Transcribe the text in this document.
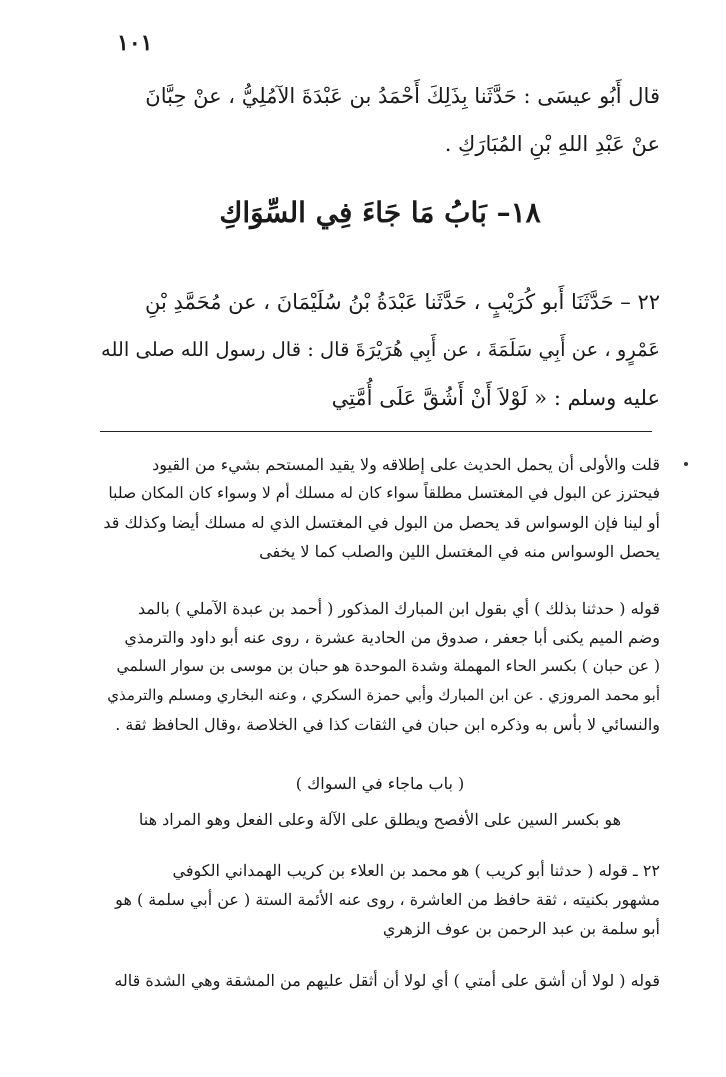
١٠١
قال أَبُو عيسَى : حَدَّثَنا بِذَلِكَ أَحْمَدُ بن عَبْدَةَ الآمُلِيُّ ، عنْ حِبَّانَ
عنْ عَبْدِ اللهِ بْنِ المُبَارَكِ .
١٨– بَابُ مَا جَاءَ فِي السِّوَاكِ
٢٢ – حَدَّثَنَا أَبو كُرَيْبٍ ، حَدَّثَنا عَبْدَةُ بْنُ سُلَيْمَانَ ، عن مُحَمَّدِ بْنِ
عَمْرٍو ، عن أَبِي سَلَمَةَ ، عن أَبِي هُرَيْرَةَ قال : قال رسول الله صلى الله
عليه وسلم : « لَوْلاَ أَنْ أَشُقَّ عَلَى أُمَّتِي
قلت والأولى أن يحمل الحديث على إطلاقه ولا يقيد المستحم بشيء من القيود
فيحترز عن البول في المغتسل مطلقاً سواء كان له مسلك أم لا وسواء كان المكان صلبا
أو لينا فإن الوسواس قد يحصل من البول في المغتسل الذي له مسلك أيضا وكذلك قد
يحصل الوسواس منه في المغتسل اللين والصلب كما لا يخفى
قوله ( حدثنا بذلك ) أي بقول ابن المبارك المذكور ( أحمد بن عبدة الآملي ) بالمد
وضم الميم يكنى أبا جعفر ، صدوق من الحادية عشرة ، روى عنه أبو داود والترمذي
( عن حبان ) بكسر الحاء المهملة وشدة الموحدة هو حبان بن موسى بن سوار السلمي
أبو محمد المروزي . عن ابن المبارك وأبي حمزة السكري ، وعنه البخاري ومسلم والترمذي
والنسائي لا بأس به وذكره ابن حبان في الثقات كذا في الخلاصة ،وقال الحافظ ثقة .
( باب ماجاء في السواك )
هو بكسر السين على الأفصح ويطلق على الآلة وعلى الفعل وهو المراد هنا
٢٢ ـ قوله ( حدثنا أبو كريب ) هو محمد بن العلاء بن كريب الهمداني الكوفي
مشهور بكنيته ، ثقة حافظ من العاشرة ، روى عنه الأئمة الستة ( عن أبي سلمة ) هو
أبو سلمة بن عبد الرحمن بن عوف الزهري
قوله ( لولا أن أشق على أمتي ) أي لولا أن أثقل عليهم من المشقة وهي الشدة قاله
